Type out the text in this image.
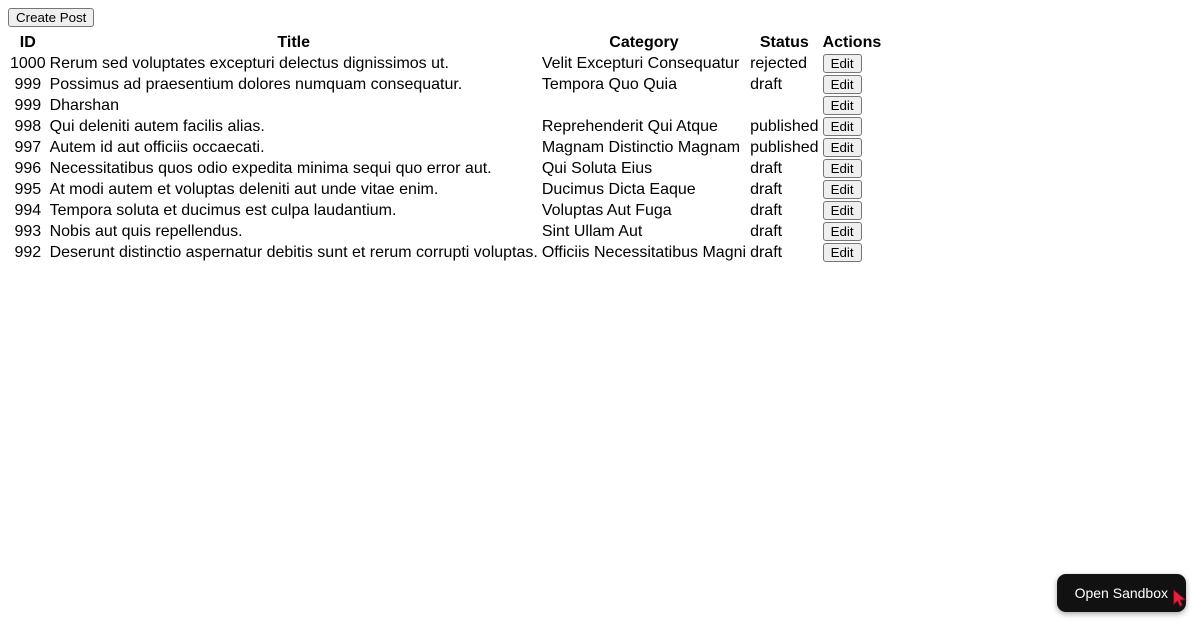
Create Post
ID	Title	Category	Status	Actions
1000	Rerum sed voluptates excepturi delectus dignissimos ut.	Velit Excepturi Consequatur	rejected	Edit
999	Possimus ad praesentium dolores numquam consequatur.	Tempora Quo Quia	draft	Edit
999	Dharshan			Edit
998	Qui deleniti autem facilis alias.	Reprehenderit Qui Atque	published	Edit
997	Autem id aut officiis occaecati.	Magnam Distinctio Magnam	published	Edit
996	Necessitatibus quos odio expedita minima sequi quo error aut.	Qui Soluta Eius	draft	Edit
995	At modi autem et voluptas deleniti aut unde vitae enim.	Ducimus Dicta Eaque	draft	Edit
994	Tempora soluta et ducimus est culpa laudantium.	Voluptas Aut Fuga	draft	Edit
993	Nobis aut quis repellendus.	Sint Ullam Aut	draft	Edit
992	Deserunt distinctio aspernatur debitis sunt et rerum corrupti voluptas.	Officiis Necessitatibus Magni	draft	Edit
Open Sandbox
